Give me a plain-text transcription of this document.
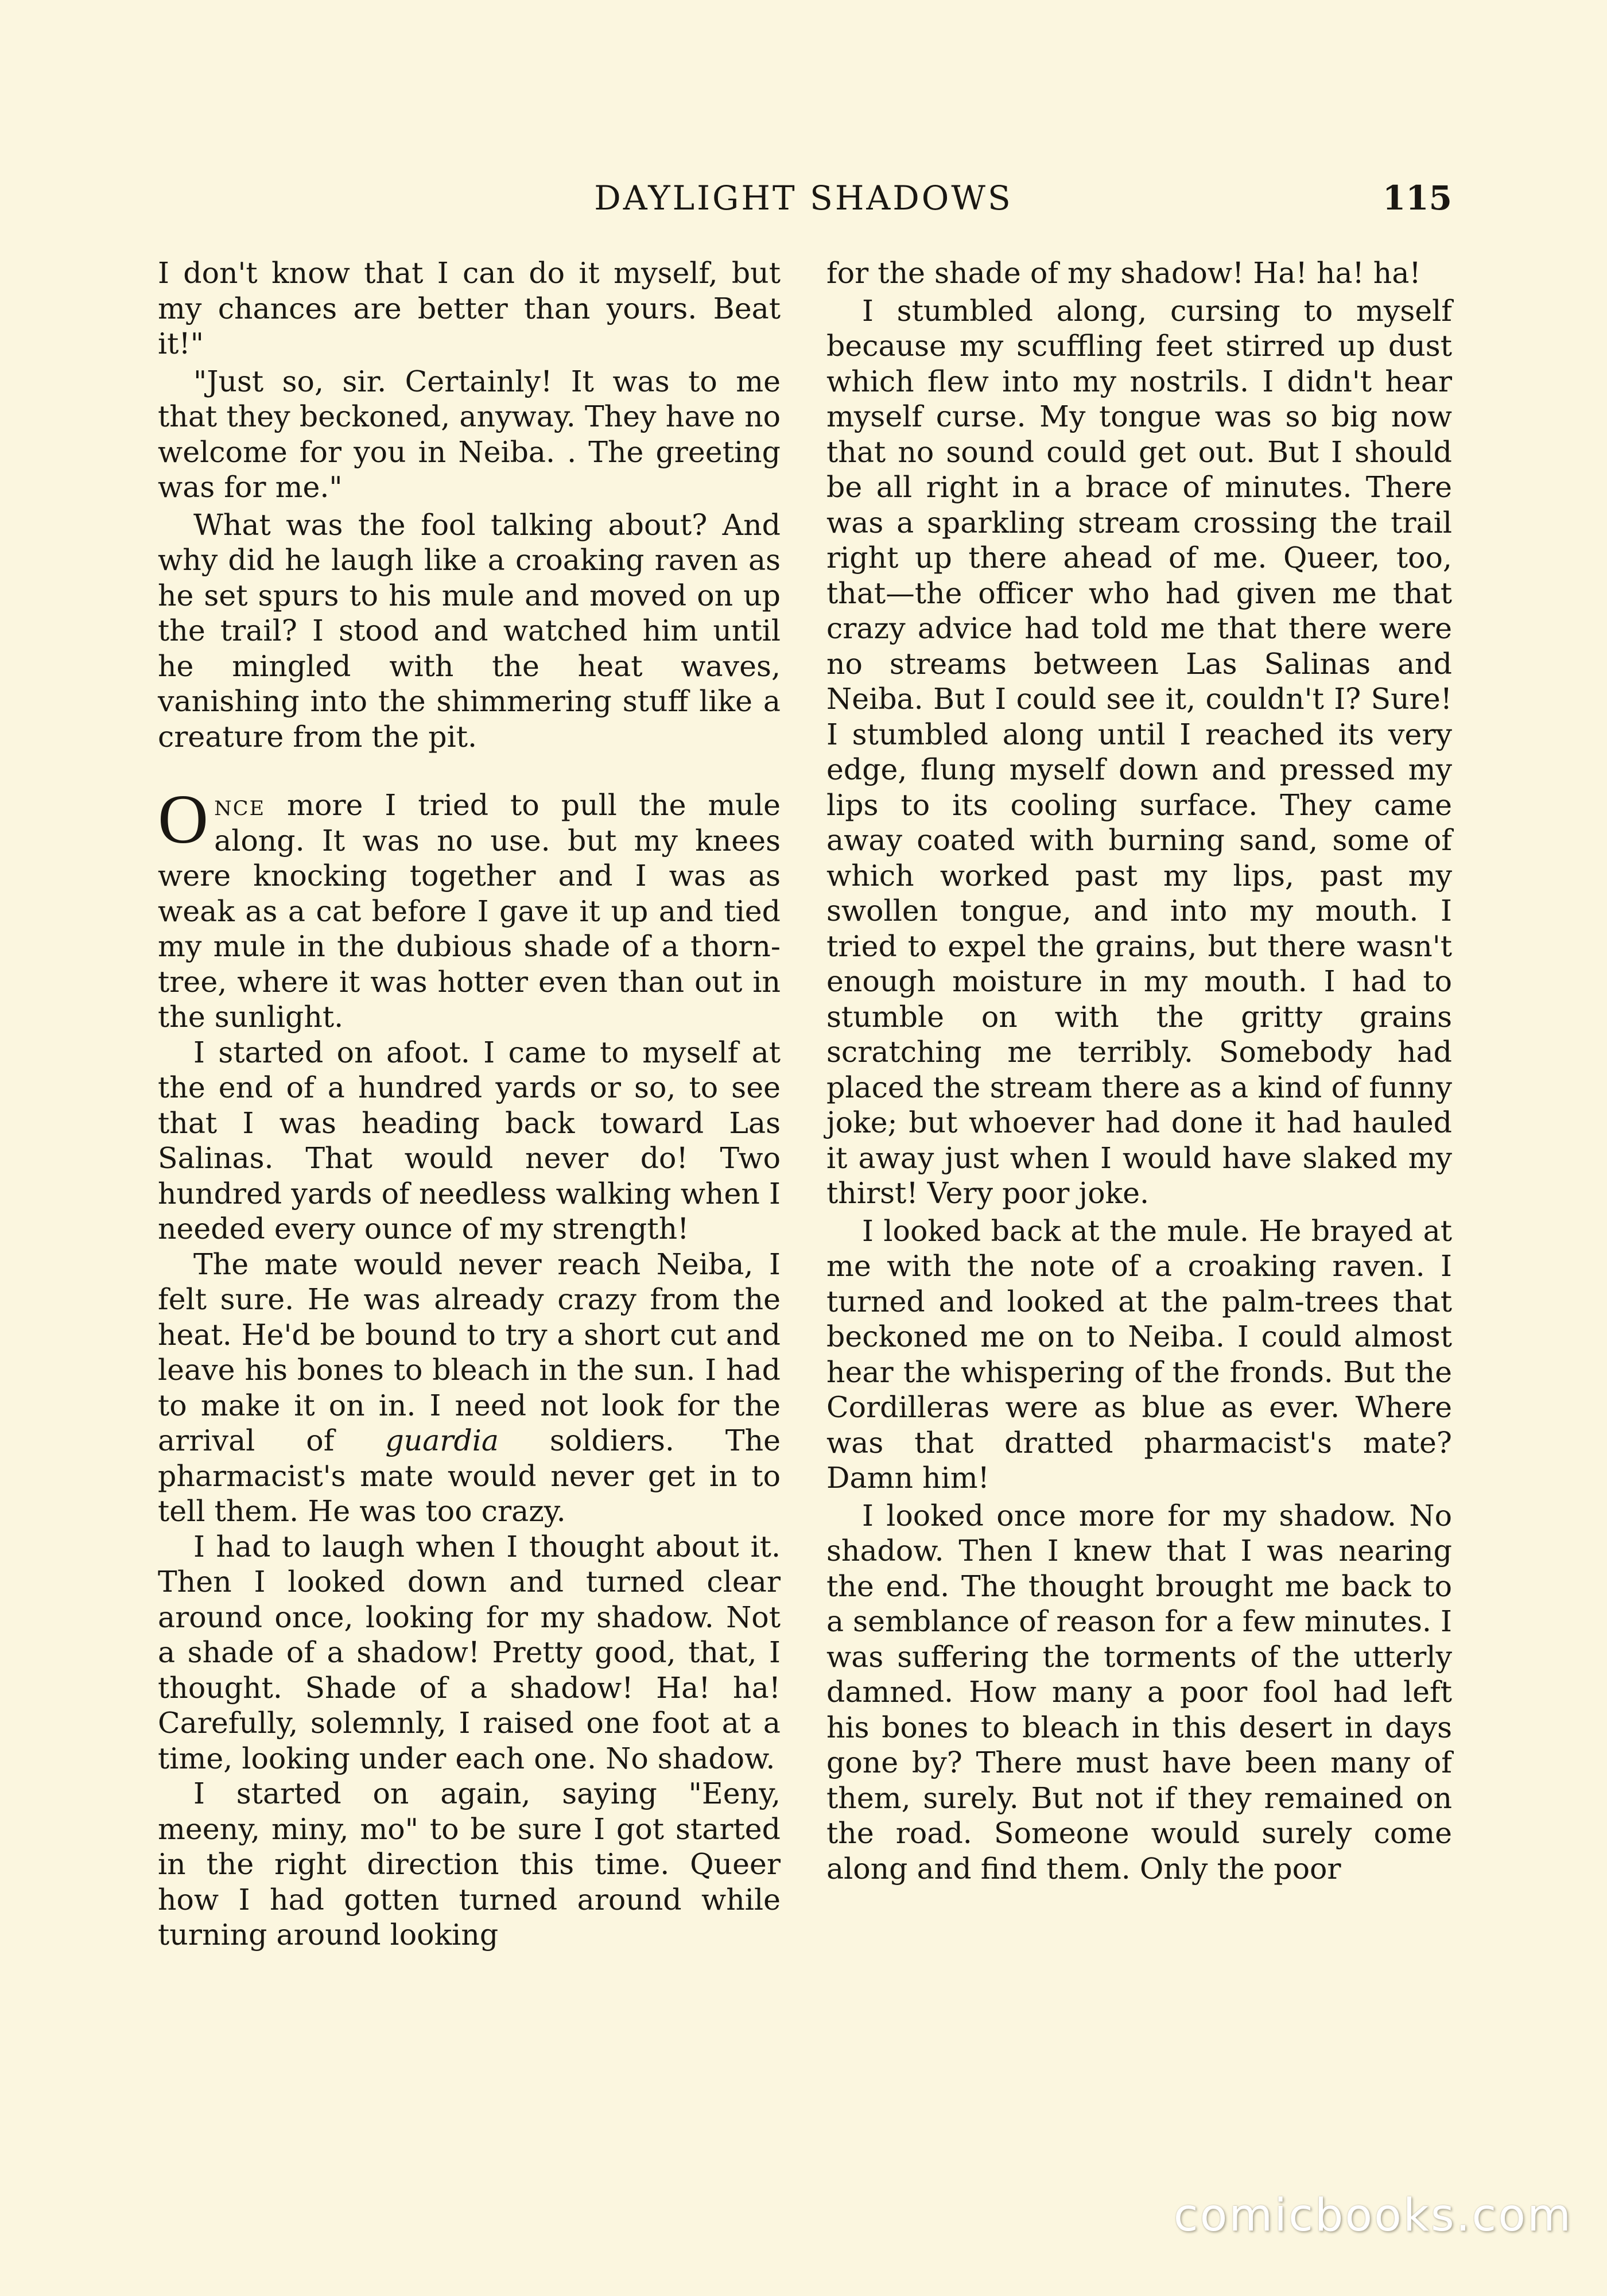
DAYLIGHT SHADOWS	115

I don't know that I can do it myself, but my chances are better than yours. Beat it!"

"Just so, sir. Certainly! It was to me that they beckoned, anyway. They have no welcome for you in Neiba. . The greeting was for me."

What was the fool talking about? And why did he laugh like a croaking raven as he set spurs to his mule and moved on up the trail? I stood and watched him until he mingled with the heat waves, vanishing into the shimmering stuff like a creature from the pit.

Once more I tried to pull the mule along. It was no use. but my knees were knocking together and I was as weak as a cat before I gave it up and tied my mule in the dubious shade of a thorn-tree, where it was hotter even than out in the sunlight.

I started on afoot. I came to myself at the end of a hundred yards or so, to see that I was heading back toward Las Salinas. That would never do! Two hundred yards of needless walking when I needed every ounce of my strength!

The mate would never reach Neiba, I felt sure. He was already crazy from the heat. He'd be bound to try a short cut and leave his bones to bleach in the sun. I had to make it on in. I need not look for the arrival of guardia soldiers. The pharmacist's mate would never get in to tell them. He was too crazy.

I had to laugh when I thought about it. Then I looked down and turned clear around once, looking for my shadow. Not a shade of a shadow! Pretty good, that, I thought. Shade of a shadow! Ha! ha! Carefully, solemnly, I raised one foot at a time, looking under each one. No shadow.

I started on again, saying "Eeny, meeny, miny, mo" to be sure I got started in the right direction this time. Queer how I had gotten turned around while turning around looking

for the shade of my shadow! Ha! ha! ha!

I stumbled along, cursing to myself because my scuffling feet stirred up dust which flew into my nostrils. I didn't hear myself curse. My tongue was so big now that no sound could get out. But I should be all right in a brace of minutes. There was a sparkling stream crossing the trail right up there ahead of me. Queer, too, that—the officer who had given me that crazy advice had told me that there were no streams between Las Salinas and Neiba. But I could see it, couldn't I? Sure! I stumbled along until I reached its very edge, flung myself down and pressed my lips to its cooling surface. They came away coated with burning sand, some of which worked past my lips, past my swollen tongue, and into my mouth. I tried to expel the grains, but there wasn't enough moisture in my mouth. I had to stumble on with the gritty grains scratching me terribly. Somebody had placed the stream there as a kind of funny joke; but whoever had done it had hauled it away just when I would have slaked my thirst! Very poor joke.

I looked back at the mule. He brayed at me with the note of a croaking raven. I turned and looked at the palm-trees that beckoned me on to Neiba. I could almost hear the whispering of the fronds. But the Cordilleras were as blue as ever. Where was that dratted pharmacist's mate? Damn him!

I looked once more for my shadow. No shadow. Then I knew that I was nearing the end. The thought brought me back to a semblance of reason for a few minutes. I was suffering the torments of the utterly damned. How many a poor fool had left his bones to bleach in this desert in days gone by? There must have been many of them, surely. But not if they remained on the road. Someone would surely come along and find them. Only the poor

comicbooks.com
